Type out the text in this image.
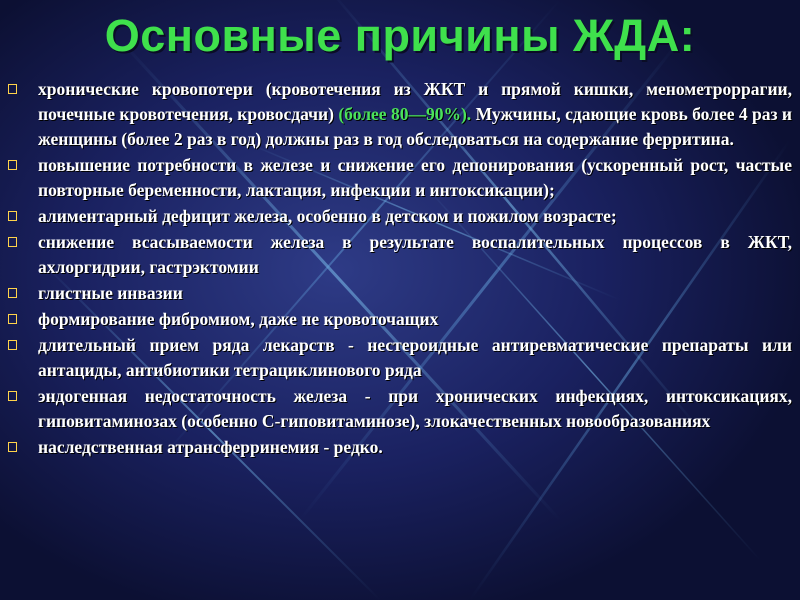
Основные причины ЖДА:
хронические кровопотери (кровотечения из ЖКТ и прямой кишки, менометроррагии, почечные кровотечения, кровосдачи) (более 80—90%). Мужчины, сдающие кровь более 4 раз и женщины (более 2 раз в год) должны раз в год обследоваться на содержание ферритина.
повышение потребности в железе и снижение его депонирования (ускоренный рост, частые повторные беременности, лактация, инфекции и интоксикации);
алиментарный дефицит железа, особенно в детском и пожилом возрасте;
снижение всасываемости железа в результате воспалительных процессов в ЖКТ, ахлоргидрии, гастрэктомии
глистные инвазии
формирование фибромиом, даже не кровоточащих
длительный прием ряда лекарств - нестероидные антиревматические препараты или антациды, антибиотики тетрациклинового ряда
эндогенная недостаточность железа - при хронических инфекциях, интоксикациях, гиповитаминозах (особенно С-гиповитаминозе), злокачественных новообразованиях
наследственная атрансферринемия - редко.
